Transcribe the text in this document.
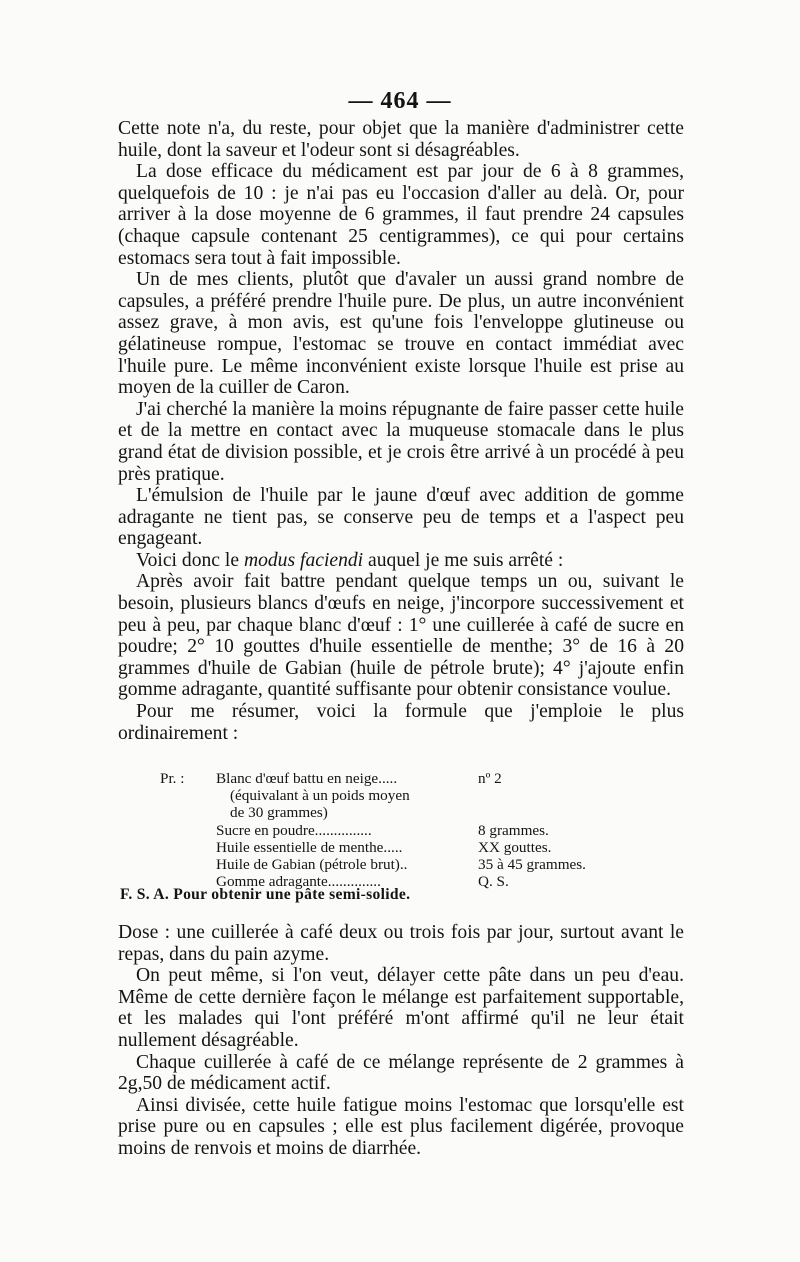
— 464 —

Cette note n'a, du reste, pour objet que la manière d'administrer cette huile, dont la saveur et l'odeur sont si désagréables.

La dose efficace du médicament est par jour de 6 à 8 grammes, quelquefois de 10 : je n'ai pas eu l'occasion d'aller au delà. Or, pour arriver à la dose moyenne de 6 grammes, il faut prendre 24 capsules (chaque capsule contenant 25 centigrammes), ce qui pour certains estomacs sera tout à fait impossible.

Un de mes clients, plutôt que d'avaler un aussi grand nombre de capsules, a préféré prendre l'huile pure. De plus, un autre inconvénient assez grave, à mon avis, est qu'une fois l'enveloppe glutineuse ou gélatineuse rompue, l'estomac se trouve en contact immédiat avec l'huile pure. Le même inconvénient existe lorsque l'huile est prise au moyen de la cuiller de Caron.

J'ai cherché la manière la moins répugnante de faire passer cette huile et de la mettre en contact avec la muqueuse stomacale dans le plus grand état de division possible, et je crois être arrivé à un procédé à peu près pratique.

L'émulsion de l'huile par le jaune d'œuf avec addition de gomme adragante ne tient pas, se conserve peu de temps et a l'aspect peu engageant.

Voici donc le modus faciendi auquel je me suis arrêté :

Après avoir fait battre pendant quelque temps un ou, suivant le besoin, plusieurs blancs d'œufs en neige, j'incorpore successivement et peu à peu, par chaque blanc d'œuf : 1° une cuillerée à café de sucre en poudre; 2° 10 gouttes d'huile essentielle de menthe; 3° de 16 à 20 grammes d'huile de Gabian (huile de pétrole brute); 4° j'ajoute enfin gomme adragante, quantité suffisante pour obtenir consistance voulue.

Pour me résumer, voici la formule que j'emploie le plus ordinairement :

Pr. :	Blanc d'œuf battu en neige.....	nº 2
(équivalant à un poids moyen
de 30 grammes)
Sucre en poudre...............	8 grammes.
Huile essentielle de menthe.....	XX gouttes.
Huile de Gabian (pétrole brut)..	35 à 45 grammes.
Gomme adragante..............	Q. S.
F. S. A. Pour obtenir une pâte semi-solide.

Dose : une cuillerée à café deux ou trois fois par jour, surtout avant le repas, dans du pain azyme.

On peut même, si l'on veut, délayer cette pâte dans un peu d'eau. Même de cette dernière façon le mélange est parfaitement supportable, et les malades qui l'ont préféré m'ont affirmé qu'il ne leur était nullement désagréable.

Chaque cuillerée à café de ce mélange représente de 2 grammes à 2g,50 de médicament actif.

Ainsi divisée, cette huile fatigue moins l'estomac que lorsqu'elle est prise pure ou en capsules ; elle est plus facilement digérée, provoque moins de renvois et moins de diarrhée.
